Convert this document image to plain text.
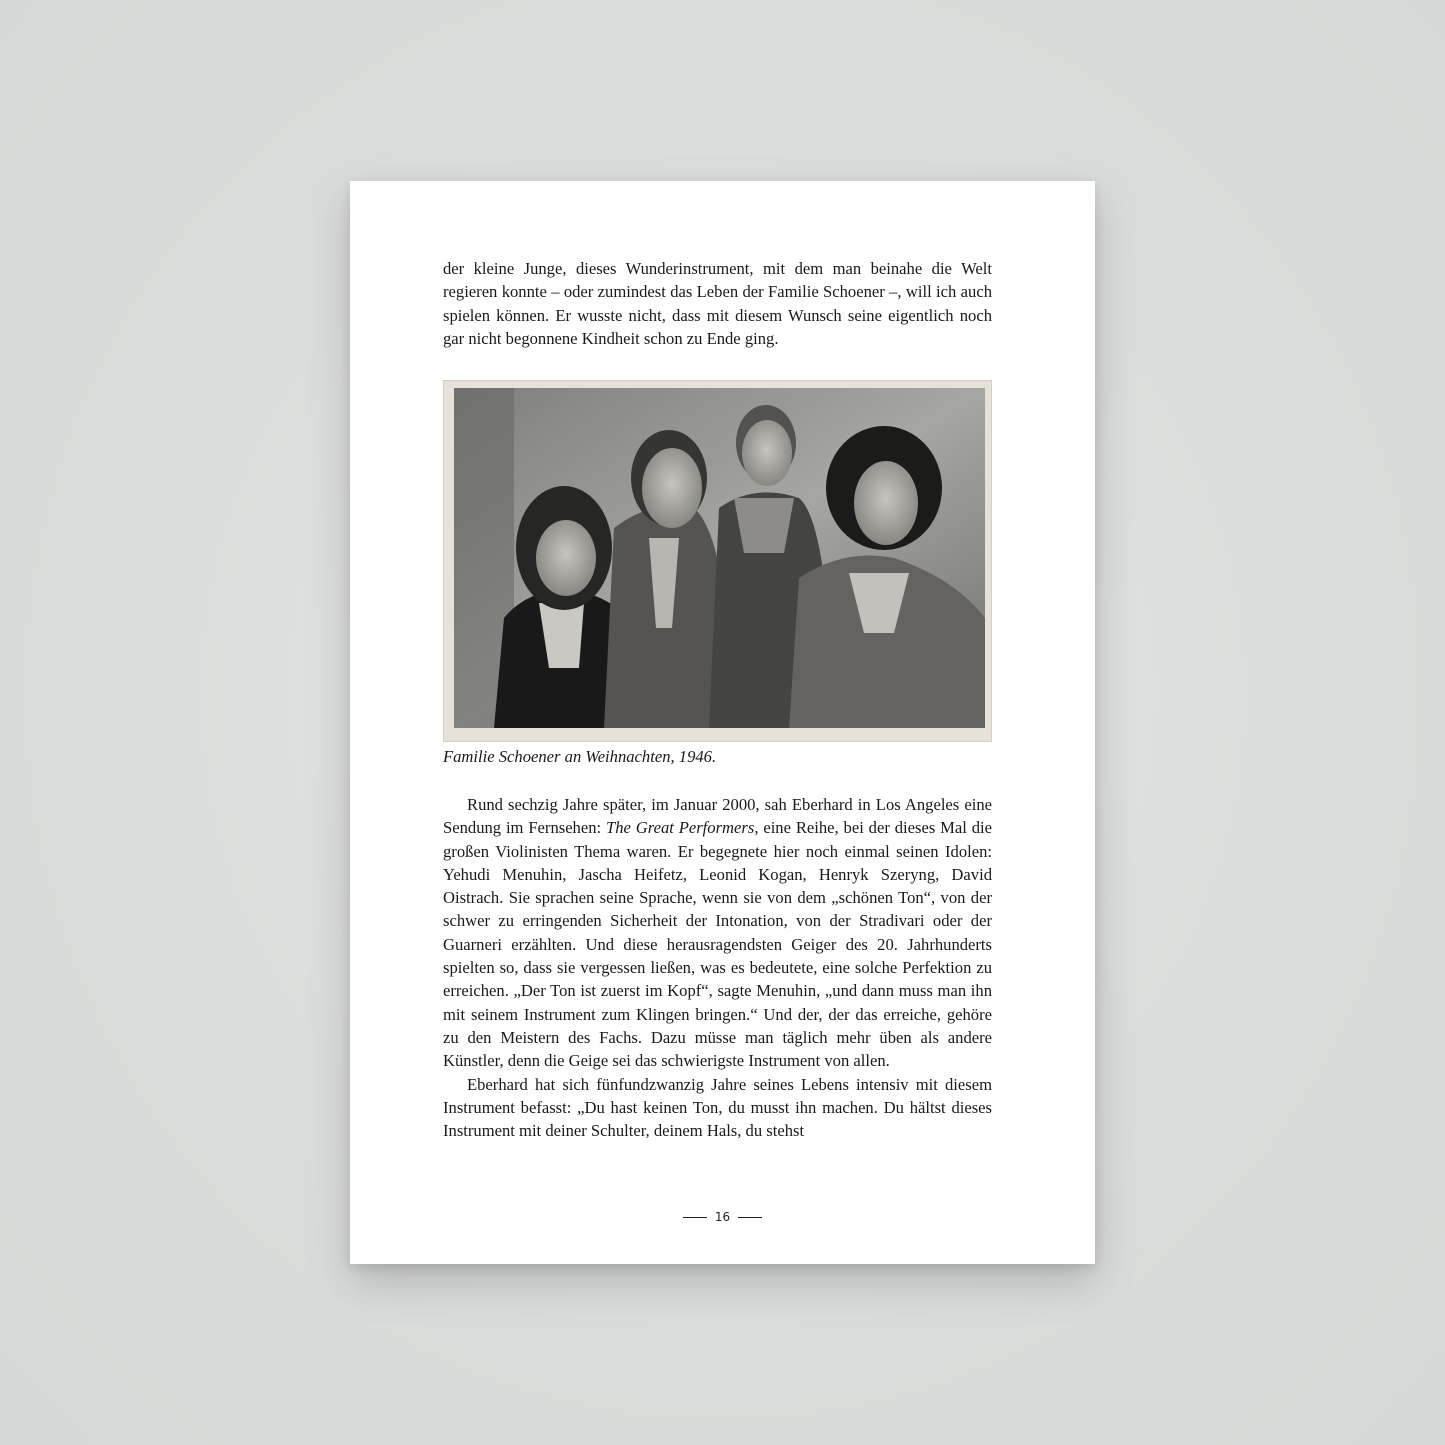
der kleine Junge, dieses Wunderinstrument, mit dem man beinahe die Welt regieren konnte – oder zumindest das Leben der Familie Schoener –, will ich auch spielen können. Er wusste nicht, dass mit diesem Wunsch seine eigentlich noch gar nicht begonnene Kindheit schon zu Ende ging.

Familie Schoener an Weihnachten, 1946.

Rund sechzig Jahre später, im Januar 2000, sah Eberhard in Los Angeles eine Sendung im Fernsehen: The Great Performers, eine Reihe, bei der dieses Mal die großen Violinisten Thema waren. Er begegnete hier noch einmal seinen Idolen: Yehudi Menuhin, Jascha Heifetz, Leonid Kogan, Henryk Szeryng, David Oistrach. Sie sprachen seine Sprache, wenn sie von dem „schönen Ton“, von der schwer zu erringenden Sicherheit der Intonation, von der Stradivari oder der Guarneri erzählten. Und diese herausragendsten Geiger des 20. Jahrhunderts spielten so, dass sie vergessen ließen, was es bedeutete, eine solche Perfektion zu erreichen. „Der Ton ist zuerst im Kopf“, sagte Menuhin, „und dann muss man ihn mit seinem Instrument zum Klingen bringen.“ Und der, der das erreiche, gehöre zu den Meistern des Fachs. Dazu müsse man täglich mehr üben als andere Künstler, denn die Geige sei das schwierigste Instrument von allen.

Eberhard hat sich fünfundzwanzig Jahre seines Lebens intensiv mit diesem Instrument befasst: „Du hast keinen Ton, du musst ihn machen. Du hältst dieses Instrument mit deiner Schulter, deinem Hals, du stehst

16
